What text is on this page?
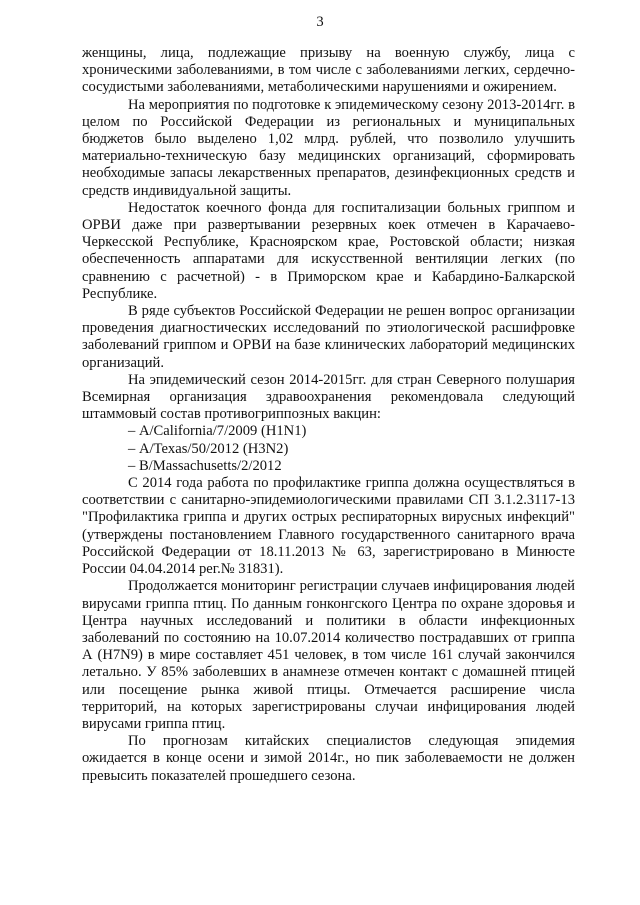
3

женщины, лица, подлежащие призыву на военную службу, лица с хроническими заболеваниями, в том числе с заболеваниями легких, сердечно-сосудистыми заболеваниями, метаболическими нарушениями и ожирением.

На мероприятия по подготовке к эпидемическому сезону 2013-2014гг. в целом по Российской Федерации из региональных и муниципальных бюджетов было выделено 1,02 млрд. рублей, что позволило улучшить материально-техническую базу медицинских организаций, сформировать необходимые запасы лекарственных препаратов, дезинфекционных средств и средств индивидуальной защиты.

Недостаток коечного фонда для госпитализации больных гриппом и ОРВИ даже при развертывании резервных коек отмечен в Карачаево-Черкесской Республике, Красноярском крае, Ростовской области; низкая обеспеченность аппаратами для искусственной вентиляции легких (по сравнению с расчетной) - в Приморском крае и Кабардино-Балкарской Республике.

В ряде субъектов Российской Федерации не решен вопрос организации проведения диагностических исследований по этиологической расшифровке заболеваний гриппом и ОРВИ на базе клинических лабораторий медицинских организаций.

На эпидемический сезон 2014-2015гг. для стран Северного полушария Всемирная организация здравоохранения рекомендовала следующий штаммовый состав противогриппозных вакцин:

– A/California/7/2009 (H1N1)
– A/Texas/50/2012 (H3N2)
– B/Massachusetts/2/2012

С 2014 года работа по профилактике гриппа должна осуществляться в соответствии с санитарно-эпидемиологическими правилами СП 3.1.2.3117-13 "Профилактика гриппа и других острых респираторных вирусных инфекций" (утверждены постановлением Главного государственного санитарного врача Российской Федерации от 18.11.2013 № 63, зарегистрировано в Минюсте России 04.04.2014 рег.№ 31831).

Продолжается мониторинг регистрации случаев инфицирования людей вирусами гриппа птиц. По данным гонконгского Центра по охране здоровья и Центра научных исследований и политики в области инфекционных заболеваний по состоянию на 10.07.2014 количество пострадавших от гриппа А (H7N9) в мире составляет 451 человек, в том числе 161 случай закончился летально. У 85% заболевших в анамнезе отмечен контакт с домашней птицей или посещение рынка живой птицы. Отмечается расширение числа территорий, на которых зарегистрированы случаи инфицирования людей вирусами гриппа птиц.

По прогнозам китайских специалистов следующая эпидемия ожидается в конце осени и зимой 2014г., но пик заболеваемости не должен превысить показателей прошедшего сезона.
